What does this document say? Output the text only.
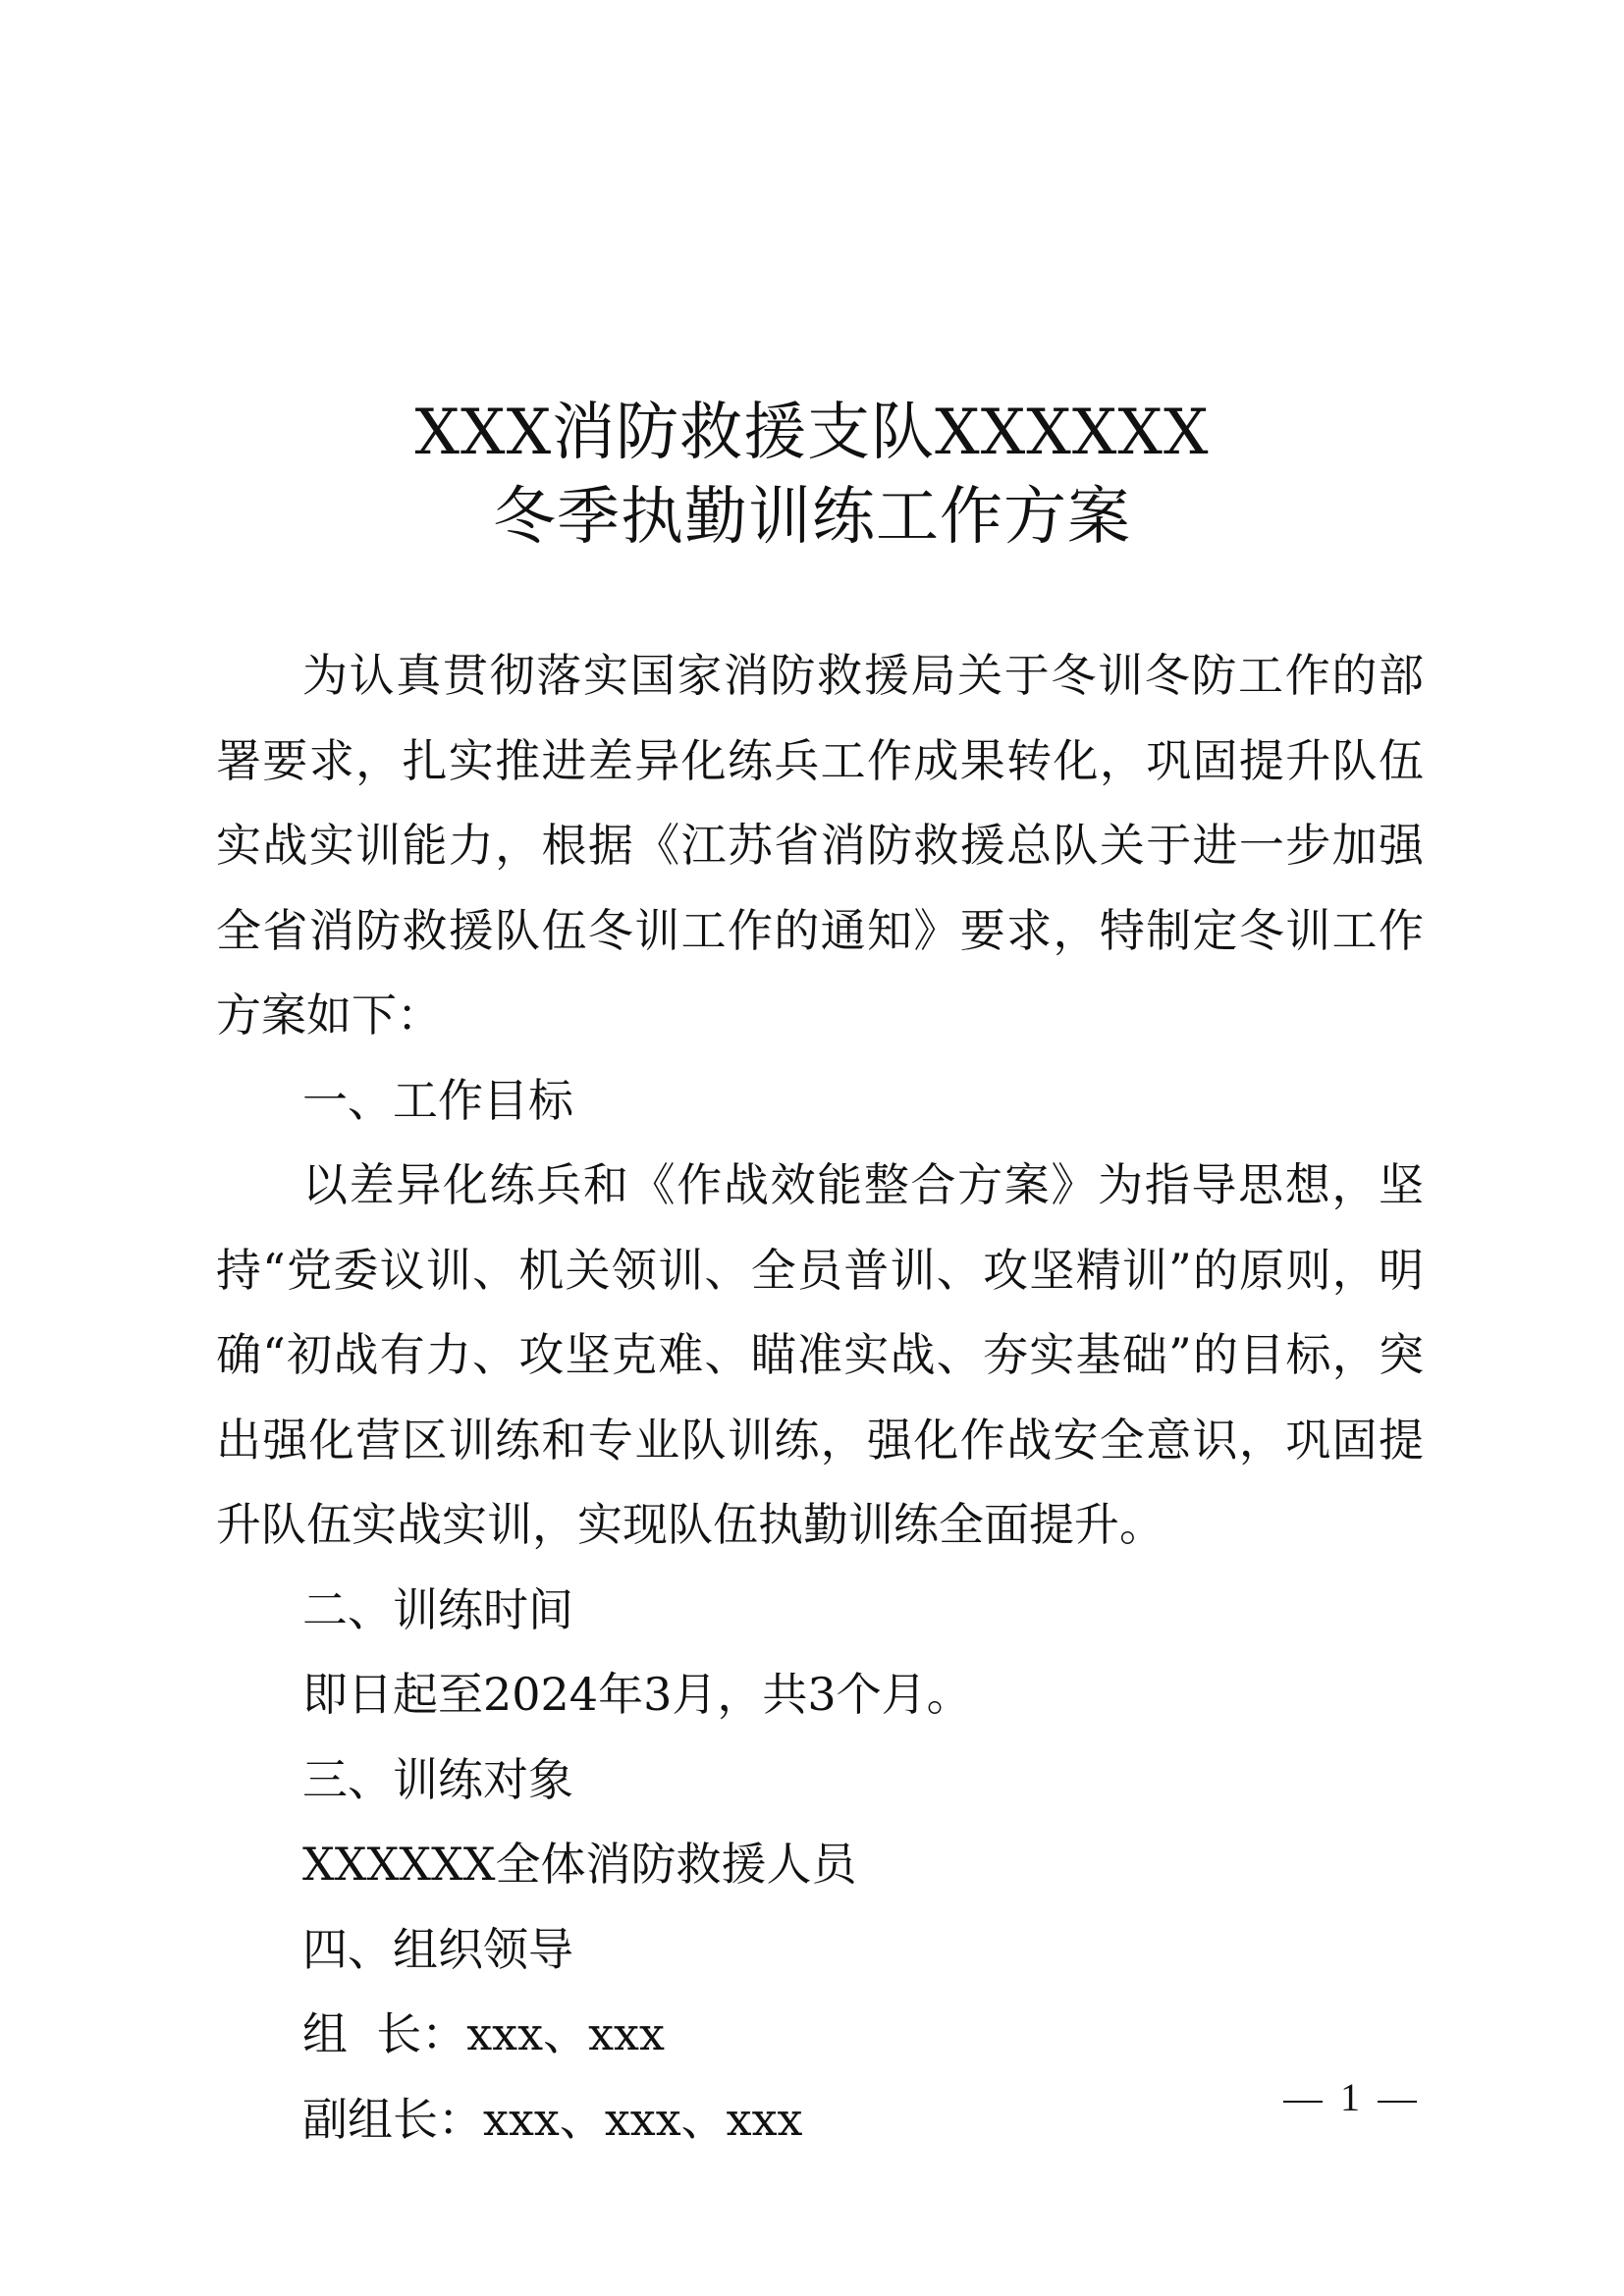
XXX消防救援支队XXXXXX
冬季执勤训练工作方案

为认真贯彻落实国家消防救援局关于冬训冬防工作的部署要求，扎实推进差异化练兵工作成果转化，巩固提升队伍实战实训能力，根据《江苏省消防救援总队关于进一步加强全省消防救援队伍冬训工作的通知》要求，特制定冬训工作方案如下：

一、工作目标

以差异化练兵和《作战效能整合方案》为指导思想，坚持“党委议训、机关领训、全员普训、攻坚精训”的原则，明确“初战有力、攻坚克难、瞄准实战、夯实基础”的目标，突出强化营区训练和专业队训练，强化作战安全意识，巩固提升队伍实战实训，实现队伍执勤训练全面提升。

二、训练时间

即日起至2024年3月，共3个月。

三、训练对象

XXXXXX全体消防救援人员

四、组织领导

组  长：xxx、xxx

副组长：xxx、xxx、xxx	1
